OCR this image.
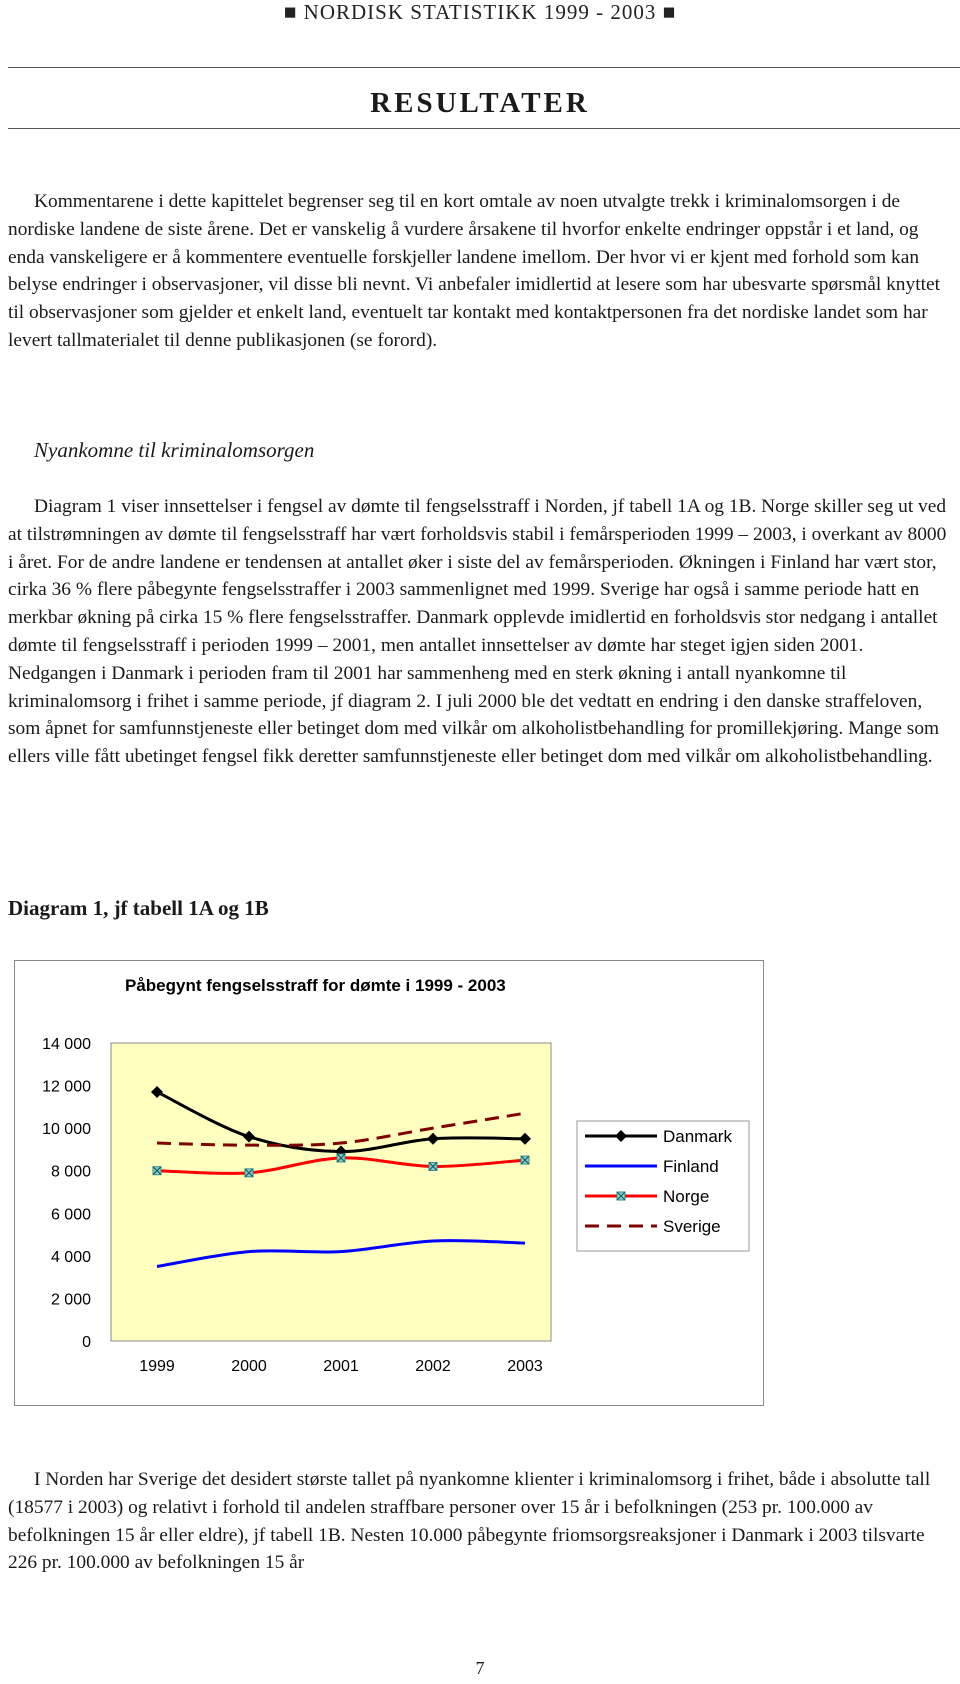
■ NORDISK STATISTIKK 1999 - 2003 ■
RESULTATER
Kommentarene i dette kapittelet begrenser seg til en kort omtale av noen utvalgte trekk i kriminalomsorgen i de nordiske landene de siste årene. Det er vanskelig å vurdere årsakene til hvorfor enkelte endringer oppstår i et land, og enda vanskeligere er å kommentere eventuelle forskjeller landene imellom. Der hvor vi er kjent med forhold som kan belyse endringer i observasjoner, vil disse bli nevnt. Vi anbefaler imidlertid at lesere som har ubesvarte spørsmål knyttet til observasjoner som gjelder et enkelt land, eventuelt tar kontakt med kontaktpersonen fra det nordiske landet som har levert tallmaterialet til denne publikasjonen (se forord).
Nyankomne til kriminalomsorgen
Diagram 1 viser innsettelser i fengsel av dømte til fengselsstraff i Norden, jf tabell 1A og 1B. Norge skiller seg ut ved at tilstrømningen av dømte til fengselsstraff har vært forholdsvis stabil i femårsperioden 1999 – 2003, i overkant av 8000 i året. For de andre landene er tendensen at antallet øker i siste del av femårsperioden. Økningen i Finland har vært stor, cirka 36 % flere påbegynte fengselsstraffer i 2003 sammenlignet med 1999. Sverige har også i samme periode hatt en merkbar økning på cirka 15 % flere fengselsstraffer. Danmark opplevde imidlertid en forholdsvis stor nedgang i antallet dømte til fengselsstraff i perioden 1999 – 2001, men antallet innsettelser av dømte har steget igjen siden 2001. Nedgangen i Danmark i perioden fram til 2001 har sammenheng med en sterk økning i antall nyankomne til kriminalomsorg i frihet i samme periode, jf diagram 2. I juli 2000 ble det vedtatt en endring i den danske straffeloven, som åpnet for samfunnstjeneste eller betinget dom med vilkår om alkoholistbehandling for promillekjøring. Mange som ellers ville fått ubetinget fengsel fikk deretter samfunnstjeneste eller betinget dom med vilkår om alkoholistbehandling.
Diagram 1, jf tabell 1A og 1B
Påbegynt fengselsstraff for dømte i 1999 - 2003
0
2 000
4 000
6 000
8 000
10 000
12 000
14 000
1999	2000	2001	2002	2003
Danmark
Finland
Norge
Sverige
I Norden har Sverige det desidert største tallet på nyankomne klienter i kriminalomsorg i frihet, både i absolutte tall (18577 i 2003) og relativt i forhold til andelen straffbare personer over 15 år i befolkningen (253 pr. 100.000 av befolkningen 15 år eller eldre), jf tabell 1B. Nesten 10.000 påbegynte friomsorgsreaksjoner i Danmark i 2003 tilsvarte 226 pr. 100.000 av befolkningen 15 år
7
